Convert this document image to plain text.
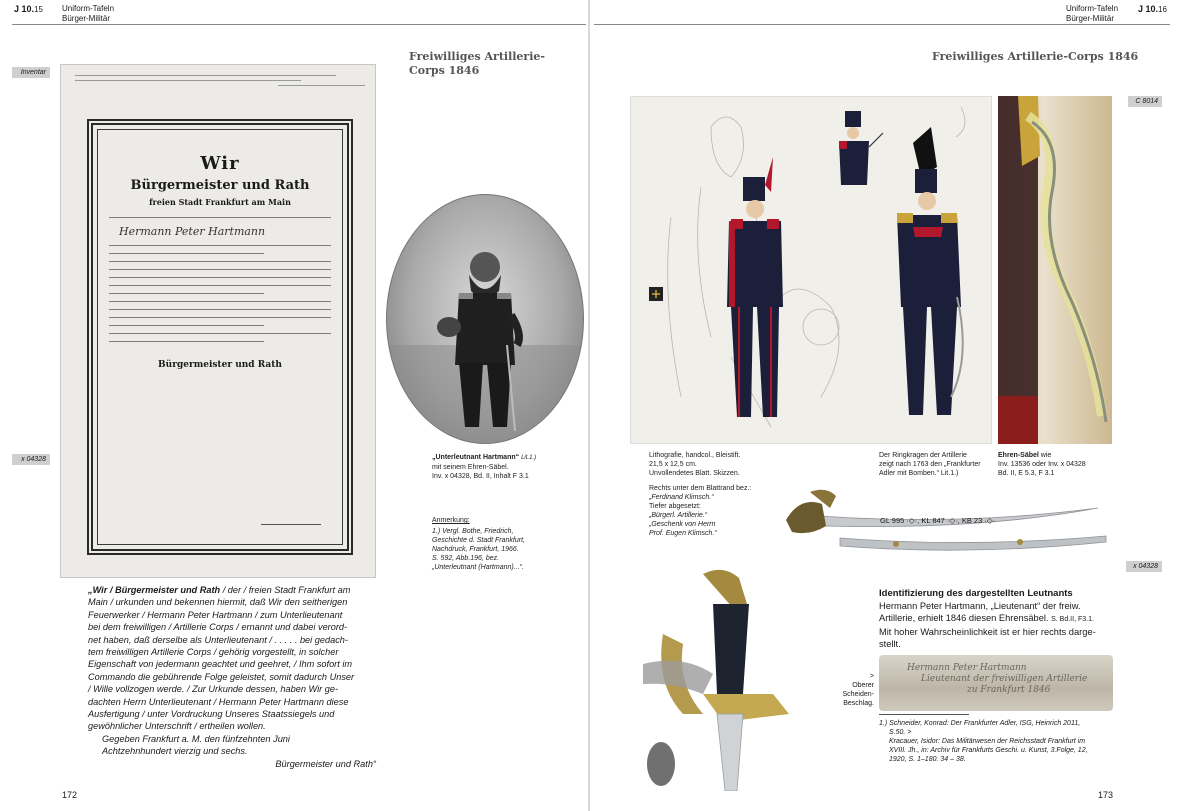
J 10.15 Uniform-Tafeln
Bürger-Militär
Inventar
x 04328
Freiwilliges Artillerie-
Corps 1846
Wir
Bürgermeister und Rath
freien Stadt Frankfurt am Main
Hermann Peter Hartmann
Bürgermeister und Rath
„Unterleutnant Hartmann“ Lit.1.)
mit seinem Ehren-Säbel.
Inv. x 04328, Bd. II, Inhalt F 3.1
Anmerkung:
1.) Vergl. Bothe, Friedrich,
Geschichte d. Stadt Frankfurt,
Nachdruck, Frankfurt, 1966.
S. 592, Abb.196, bez.
„Unterleutnant (Hartmann)...“.
„Wir / Bürgermeister und Rath / der / freien Stadt Frankfurt am
Main / urkunden und bekennen hiermit, daß Wir den seitherigen
Feuerwerker / Hermann Peter Hartmann / zum Unterlieutenant
bei dem freiwilligen / Artillerie Corps / ernannt und dabei verord-
net haben, daß derselbe als Unterlieutenant / . . . . . bei gedach-
tem freiwilligen Artillerie Corps / gehörig vorgestellt, in solcher
Eigenschaft von jedermann geachtet und geehret, / Ihm sofort im
Commando die gebührende Folge geleistet, somit dadurch Unser
/ Wille vollzogen werde. / Zur Urkunde dessen, haben Wir ge-
dachten Herrn Unterlieutenant / Hermann Peter Hartmann diese
Ausfertigung / unter Vordruckung Unseres Staatssiegels und
gewöhnlicher Unterschrift / ertheilen wollen.
Gegeben Frankfurt a. M. den fünfzehnten Juni
Achtzehnhundert vierzig und sechs.
Bürgermeister und Rath“
172
Uniform-Tafeln
Bürger-Militär
J 10.16
Freiwilliges Artillerie-Corps 1846
C 8014
x 04328
Lithografie, handcol., Bleistift.
21,5 x 12,5 cm.
Unvollendetes Blatt. Skizzen.
Rechts unter dem Blattrand bez.:
„Ferdinand Klimsch.“
Tiefer abgesetzt:
„Bürgerl. Artillerie.“
„Geschenk von Herrn
Prof. Eugen Klimsch.“
Der Ringkragen der Artillerie
zeigt nach 1763 den „Frankfurter
Adler mit Bomben.“ Lit.1.)
Ehren-Säbel wie
Inv. 13536 oder Inv. x 04328
Bd. II, E 5.3, F 3.1
GL 995 ·◇·, KL 847 ·◇·, KB 23 ·◇·
Identifizierung des dargestellten Leutnants
Hermann Peter Hartmann, „Lieutenant“ der freiw.
Artillerie, erhielt 1846 diesen Ehrensäbel. S. Bd.II, F3.1.
Mit hoher Wahrscheinlichkeit ist er hier rechts darge-
stellt.
>
Oberer
Scheiden-
Beschlag.
Hermann Peter Hartmann
Lieutenant der freiwilligen Artillerie
zu Frankfurt 1846
1.) Schneider, Konrad: Der Frankfurter Adler, ISG, Heinrich 2011,
S.50. >
Kracauer, Isidor: Das Militärwesen der Reichsstadt Frankfurt im
XVIII. Jh., in: Archiv für Frankfurts Geschi. u. Kunst, 3.Folge, 12,
1920, S. 1–180. 34 – 38.
173
